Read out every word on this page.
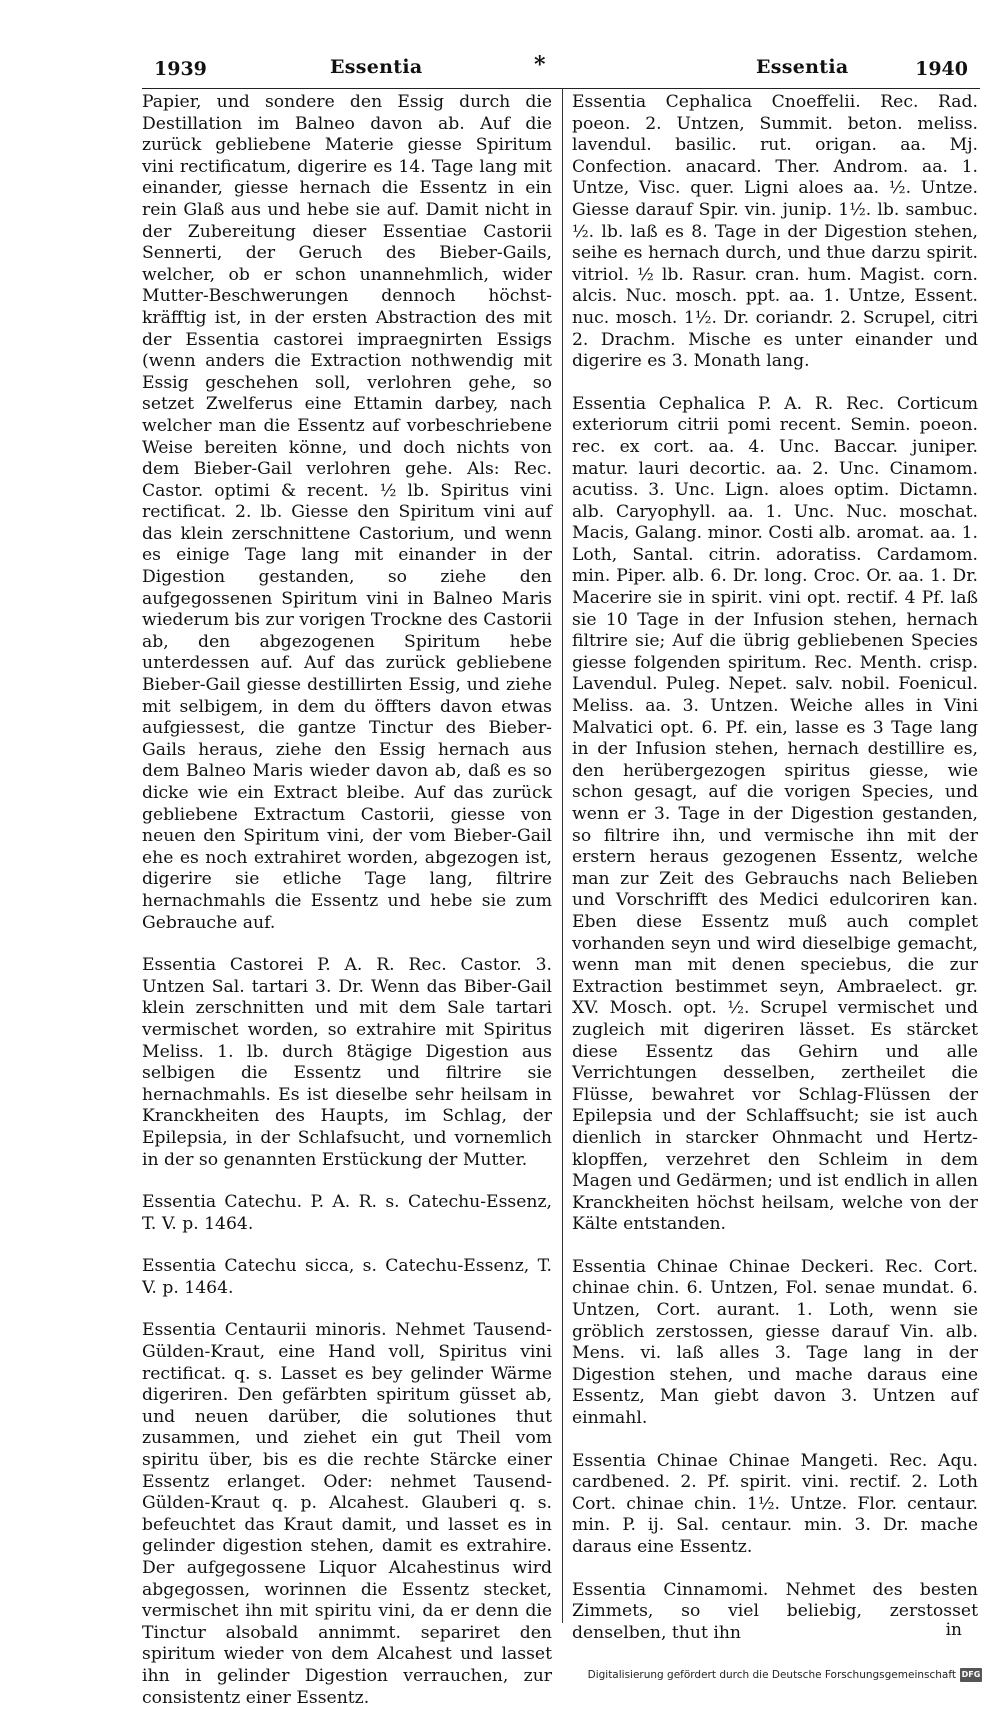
1939	Essentia	*	Essentia	1940

Papier, und sondere den Essig durch die Destillation im Balneo davon ab. Auf die zurück gebliebene Materie giesse Spiritum vini rectificatum, digerire es 14. Tage lang mit einander, giesse hernach die Essentz in ein rein Glaß aus und hebe sie auf. Damit nicht in der Zubereitung dieser Essentiae Castorii Sennerti, der Geruch des Bieber-Gails, welcher, ob er schon unannehmlich, wider Mutter-Beschwerungen dennoch höchst-kräfftig ist, in der ersten Abstraction des mit der Essentia castorei impraegnirten Essigs (wenn anders die Extraction nothwendig mit Essig geschehen soll, verlohren gehe, so setzet Zwelferus eine Ettamin darbey, nach welcher man die Essentz auf vorbeschriebene Weise bereiten könne, und doch nichts von dem Bieber-Gail verlohren gehe. Als: Rec. Castor. optimi & recent. ½ lb. Spiritus vini rectificat. 2. lb. Giesse den Spiritum vini auf das klein zerschnittene Castorium, und wenn es einige Tage lang mit einander in der Digestion gestanden, so ziehe den aufgegossenen Spiritum vini in Balneo Maris wiederum bis zur vorigen Trockne des Castorii ab, den abgezogenen Spiritum hebe unterdessen auf. Auf das zurück gebliebene Bieber-Gail giesse destillirten Essig, und ziehe mit selbigem, in dem du öffters davon etwas aufgiessest, die gantze Tinctur des Bieber-Gails heraus, ziehe den Essig hernach aus dem Balneo Maris wieder davon ab, daß es so dicke wie ein Extract bleibe. Auf das zurück gebliebene Extractum Castorii, giesse von neuen den Spiritum vini, der vom Bieber-Gail ehe es noch extrahiret worden, abgezogen ist, digerire sie etliche Tage lang, filtrire hernachmahls die Essentz und hebe sie zum Gebrauche auf.

Essentia Castorei P. A. R. Rec. Castor. 3. Untzen Sal. tartari 3. Dr. Wenn das Biber-Gail klein zerschnitten und mit dem Sale tartari vermischet worden, so extrahire mit Spiritus Meliss. 1. lb. durch 8tägige Digestion aus selbigen die Essentz und filtrire sie hernachmahls. Es ist dieselbe sehr heilsam in Kranckheiten des Haupts, im Schlag, der Epilepsia, in der Schlafsucht, und vornemlich in der so genannten Erstückung der Mutter.

Essentia Catechu. P. A. R. s. Catechu-Essenz, T. V. p. 1464.

Essentia Catechu sicca, s. Catechu-Essenz, T. V. p. 1464.

Essentia Centaurii minoris. Nehmet Tausend-Gülden-Kraut, eine Hand voll, Spiritus vini rectificat. q. s. Lasset es bey gelinder Wärme digeriren. Den gefärbten spiritum güsset ab, und neuen darüber, die solutiones thut zusammen, und ziehet ein gut Theil vom spiritu über, bis es die rechte Stärcke einer Essentz erlanget. Oder: nehmet Tausend-Gülden-Kraut q. p. Alcahest. Glauberi q. s. befeuchtet das Kraut damit, und lasset es in gelinder digestion stehen, damit es extrahire. Der aufgegossene Liquor Alcahestinus wird abgegossen, worinnen die Essentz stecket, vermischet ihn mit spiritu vini, da er denn die Tinctur alsobald annimmt. separiret den spiritum wieder von dem Alcahest und lasset ihn in gelinder Digestion verrauchen, zur consistentz einer Essentz.

Essentia Cephalica Cnoeffelii. Rec. Rad. poeon. 2. Untzen, Summit. beton. meliss. lavendul. basilic. rut. origan. aa. Mj. Confection. anacard. Ther. Androm. aa. 1. Untze, Visc. quer. Ligni aloes aa. ½. Untze. Giesse darauf Spir. vin. junip. 1½. lb. sambuc. ½. lb. laß es 8. Tage in der Digestion stehen, seihe es hernach durch, und thue darzu spirit. vitriol. ½ lb. Rasur. cran. hum. Magist. corn. alcis. Nuc. mosch. ppt. aa. 1. Untze, Essent. nuc. mosch. 1½. Dr. coriandr. 2. Scrupel, citri 2. Drachm. Mische es unter einander und digerire es 3. Monath lang.

Essentia Cephalica P. A. R. Rec. Corticum exteriorum citrii pomi recent. Semin. poeon. rec. ex cort. aa. 4. Unc. Baccar. juniper. matur. lauri decortic. aa. 2. Unc. Cinamom. acutiss. 3. Unc. Lign. aloes optim. Dictamn. alb. Caryophyll. aa. 1. Unc. Nuc. moschat. Macis, Galang. minor. Costi alb. aromat. aa. 1. Loth, Santal. citrin. adoratiss. Cardamom. min. Piper. alb. 6. Dr. long. Croc. Or. aa. 1. Dr. Macerire sie in spirit. vini opt. rectif. 4 Pf. laß sie 10 Tage in der Infusion stehen, hernach filtrire sie; Auf die übrig gebliebenen Species giesse folgenden spiritum. Rec. Menth. crisp. Lavendul. Puleg. Nepet. salv. nobil. Foenicul. Meliss. aa. 3. Untzen. Weiche alles in Vini Malvatici opt. 6. Pf. ein, lasse es 3 Tage lang in der Infusion stehen, hernach destillire es, den herübergezogen spiritus giesse, wie schon gesagt, auf die vorigen Species, und wenn er 3. Tage in der Digestion gestanden, so filtrire ihn, und vermische ihn mit der erstern heraus gezogenen Essentz, welche man zur Zeit des Gebrauchs nach Belieben und Vorschrifft des Medici edulcoriren kan. Eben diese Essentz muß auch complet vorhanden seyn und wird dieselbige gemacht, wenn man mit denen speciebus, die zur Extraction bestimmet seyn, Ambraelect. gr. XV. Mosch. opt. ½. Scrupel vermischet und zugleich mit digeriren lässet. Es stärcket diese Essentz das Gehirn und alle Verrichtungen desselben, zertheilet die Flüsse, bewahret vor Schlag-Flüssen der Epilepsia und der Schlaffsucht; sie ist auch dienlich in starcker Ohnmacht und Hertz-klopffen, verzehret den Schleim in dem Magen und Gedärmen; und ist endlich in allen Kranckheiten höchst heilsam, welche von der Kälte entstanden.

Essentia Chinae Chinae Deckeri. Rec. Cort. chinae chin. 6. Untzen, Fol. senae mundat. 6. Untzen, Cort. aurant. 1. Loth, wenn sie gröblich zerstossen, giesse darauf Vin. alb. Mens. vi. laß alles 3. Tage lang in der Digestion stehen, und mache daraus eine Essentz, Man giebt davon 3. Untzen auf einmahl.

Essentia Chinae Chinae Mangeti. Rec. Aqu. cardbened. 2. Pf. spirit. vini. rectif. 2. Loth Cort. chinae chin. 1½. Untze. Flor. centaur. min. P. ij. Sal. centaur. min. 3. Dr. mache daraus eine Essentz.

Essentia Cinnamomi. Nehmet des besten Zimmets, so viel beliebig, zerstosset denselben, thut ihn	in
Digitalisierung gefördert durch die Deutsche Forschungsgemeinschaft DFG
